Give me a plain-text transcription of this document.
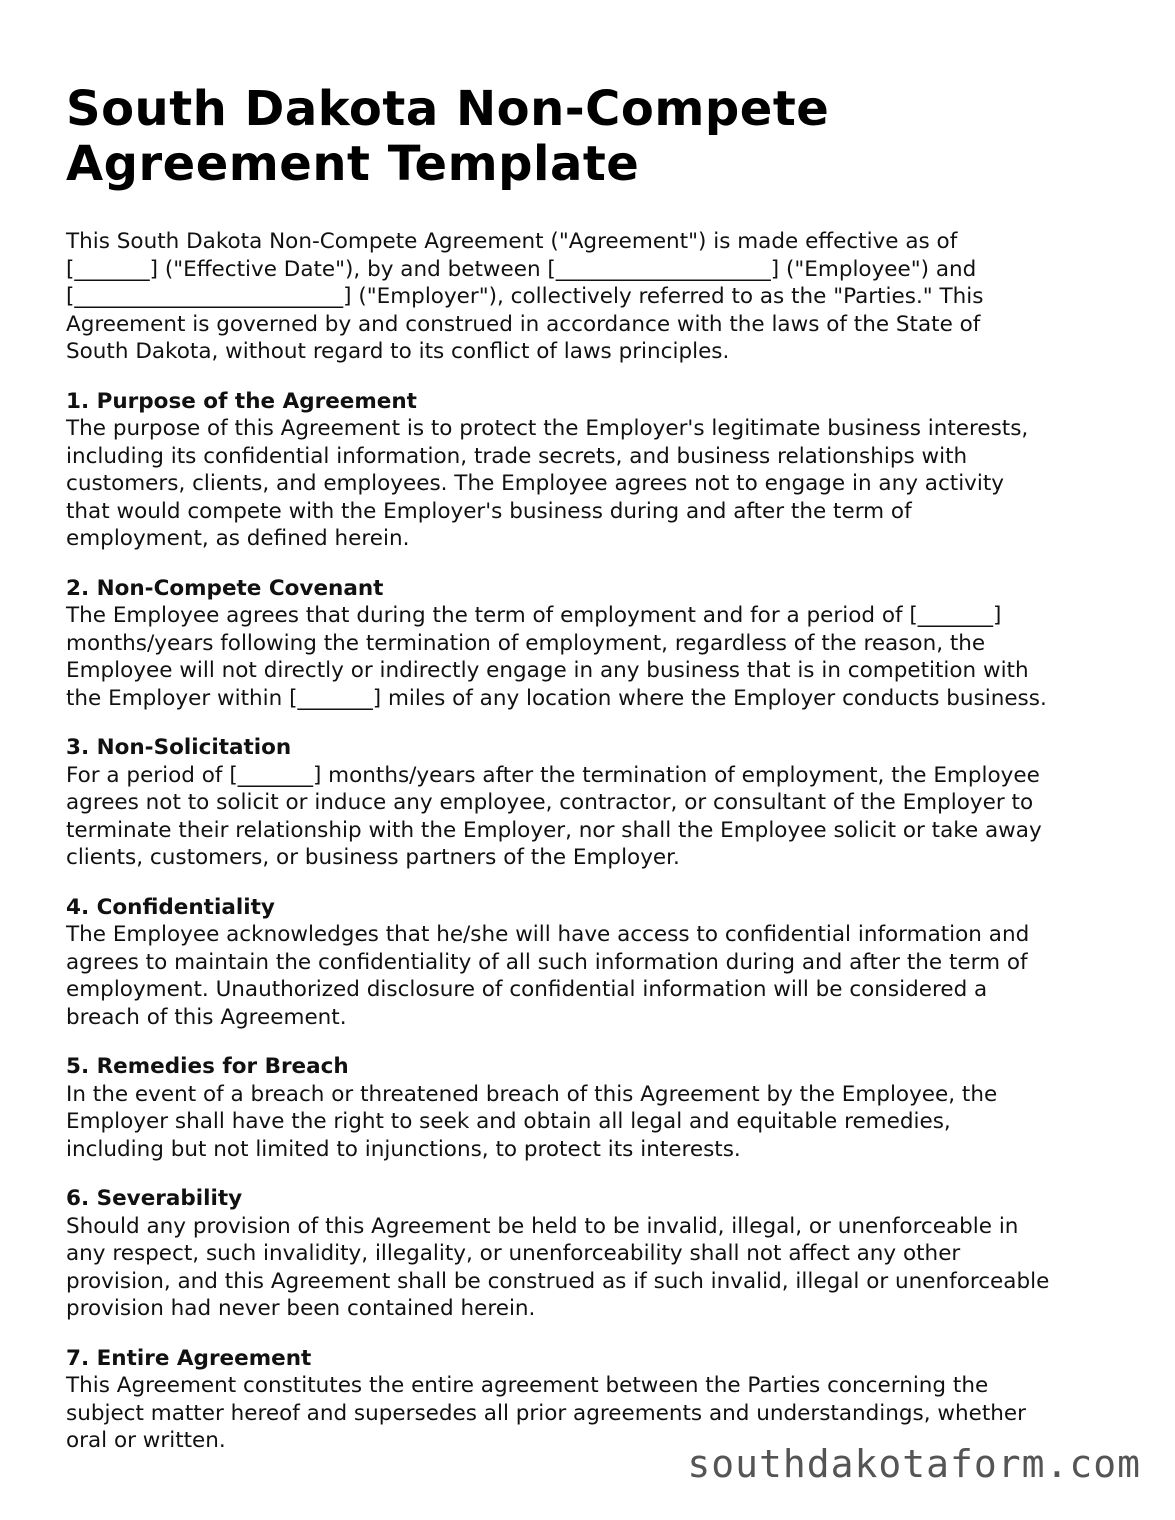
South Dakota Non-Compete Agreement Template

This South Dakota Non-Compete Agreement ("Agreement") is made effective as of
[_______] ("Effective Date"), by and between [____________________] ("Employee") and
[_________________________] ("Employer"), collectively referred to as the "Parties." This
Agreement is governed by and construed in accordance with the laws of the State of
South Dakota, without regard to its conflict of laws principles.

1. Purpose of the Agreement

The purpose of this Agreement is to protect the Employer's legitimate business interests,
including its confidential information, trade secrets, and business relationships with
customers, clients, and employees. The Employee agrees not to engage in any activity
that would compete with the Employer's business during and after the term of
employment, as defined herein.

2. Non-Compete Covenant

The Employee agrees that during the term of employment and for a period of [_______]
months/years following the termination of employment, regardless of the reason, the
Employee will not directly or indirectly engage in any business that is in competition with
the Employer within [_______] miles of any location where the Employer conducts business.

3. Non-Solicitation

For a period of [_______] months/years after the termination of employment, the Employee
agrees not to solicit or induce any employee, contractor, or consultant of the Employer to
terminate their relationship with the Employer, nor shall the Employee solicit or take away
clients, customers, or business partners of the Employer.

4. Confidentiality

The Employee acknowledges that he/she will have access to confidential information and
agrees to maintain the confidentiality of all such information during and after the term of
employment. Unauthorized disclosure of confidential information will be considered a
breach of this Agreement.

5. Remedies for Breach

In the event of a breach or threatened breach of this Agreement by the Employee, the
Employer shall have the right to seek and obtain all legal and equitable remedies,
including but not limited to injunctions, to protect its interests.

6. Severability

Should any provision of this Agreement be held to be invalid, illegal, or unenforceable in
any respect, such invalidity, illegality, or unenforceability shall not affect any other
provision, and this Agreement shall be construed as if such invalid, illegal or unenforceable
provision had never been contained herein.

7. Entire Agreement

This Agreement constitutes the entire agreement between the Parties concerning the
subject matter hereof and supersedes all prior agreements and understandings, whether
oral or written.

southdakotaform.com
